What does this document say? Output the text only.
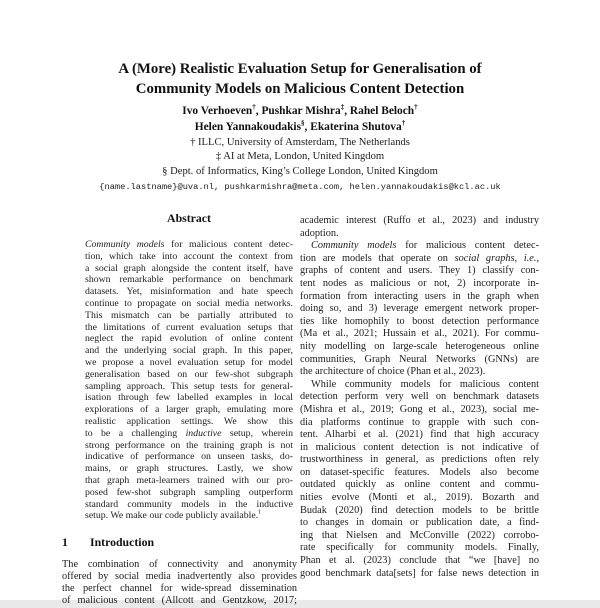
A (More) Realistic Evaluation Setup for Generalisation of
Community Models on Malicious Content Detection
Ivo Verhoeven†, Pushkar Mishra‡, Rahel Beloch†
Helen Yannakoudakis§, Ekaterina Shutova†
† ILLC, University of Amsterdam, The Netherlands
‡ AI at Meta, London, United Kingdom
§ Dept. of Informatics, King’s College London, United Kingdom
{name.lastname}@uva.nl, pushkarmishra@meta.com, helen.yannakoudakis@kcl.ac.uk
Abstract
Community models for malicious content detec-
tion, which take into account the context from
a social graph alongside the content itself, have
shown remarkable performance on benchmark
datasets. Yet, misinformation and hate speech
continue to propagate on social media networks.
This mismatch can be partially attributed to
the limitations of current evaluation setups that
neglect the rapid evolution of online content
and the underlying social graph. In this paper,
we propose a novel evaluation setup for model
generalisation based on our few-shot subgraph
sampling approach. This setup tests for general-
isation through few labelled examples in local
explorations of a larger graph, emulating more
realistic application settings. We show this
to be a challenging inductive setup, wherein
strong performance on the training graph is not
indicative of performance on unseen tasks, do-
mains, or graph structures. Lastly, we show
that graph meta-learners trained with our pro-
posed few-shot subgraph sampling outperform
standard community models in the inductive
setup. We make our code publicly available.$^1$
1 Introduction
The combination of connectivity and anonymity
offered by social media inadvertently also provides
the perfect channel for wide-spread dissemination
of malicious content (Allcott and Gentzkow, 2017;
academic interest (Ruffo et al., 2023) and industry
adoption.
Community models for malicious content detec-
tion are models that operate on social graphs, i.e.,
graphs of content and users. They 1) classify con-
tent nodes as malicious or not, 2) incorporate in-
formation from interacting users in the graph when
doing so, and 3) leverage emergent network proper-
ties like homophily to boost detection performance
(Ma et al., 2021; Hussain et al., 2021). For commu-
nity modelling on large-scale heterogeneous online
communities, Graph Neural Networks (GNNs) are
the architecture of choice (Phan et al., 2023).
While community models for malicious content
detection perform very well on benchmark datasets
(Mishra et al., 2019; Gong et al., 2023), social me-
dia platforms continue to grapple with such con-
tent. Alharbi et al. (2021) find that high accuracy
in malicious content detection is not indicative of
trustworthiness in general, as predictions often rely
on dataset-specific features. Models also become
outdated quickly as online content and commu-
nities evolve (Monti et al., 2019). Bozarth and
Budak (2020) find detection models to be brittle
to changes in domain or publication date, a find-
ing that Nielsen and McConville (2022) corrobo-
rate specifically for community models. Finally,
Phan et al. (2023) conclude that “we [have] no
good benchmark data[sets] for false news detection in
